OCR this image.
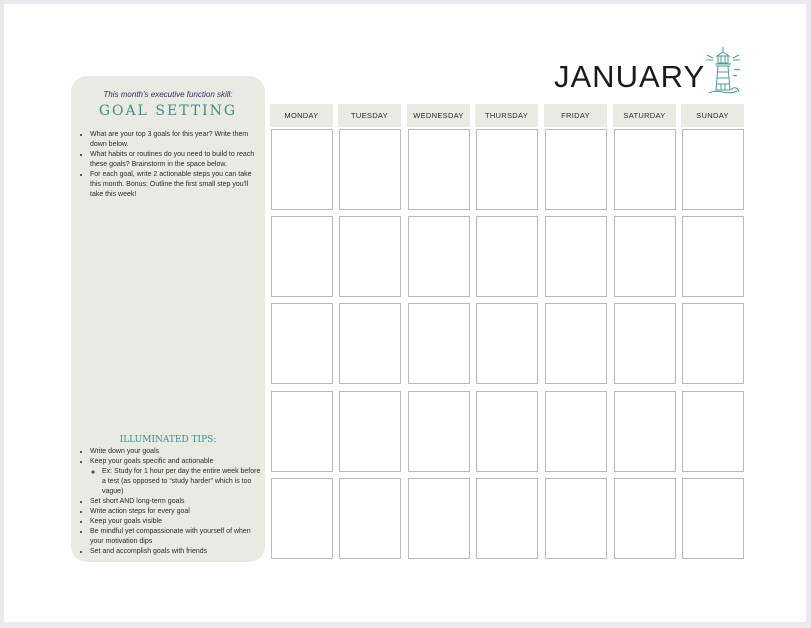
JANUARY
This month's executive function skill:
GOAL SETTING
• What are your top 3 goals for this year? Write them down below.
• What habits or routines do you need to build to reach these goals? Brainstorm in the space below.
• For each goal, write 2 actionable steps you can take this month. Bonus: Outline the first small step you'll take this week!
ILLUMINATED TIPS:
• Write down your goals
• Keep your goals specific and actionable
◦ Ex: Study for 1 hour per day the entire week before a test (as opposed to “study harder” which is too vague)
• Set short AND long-term goals
• Write action steps for every goal
• Keep your goals visible
• Be mindful yet compassionate with yourself of when your motivation dips
• Set and accomplish goals with friends
MONDAY	TUESDAY	WEDNESDAY	THURSDAY	FRIDAY	SATURDAY	SUNDAY
